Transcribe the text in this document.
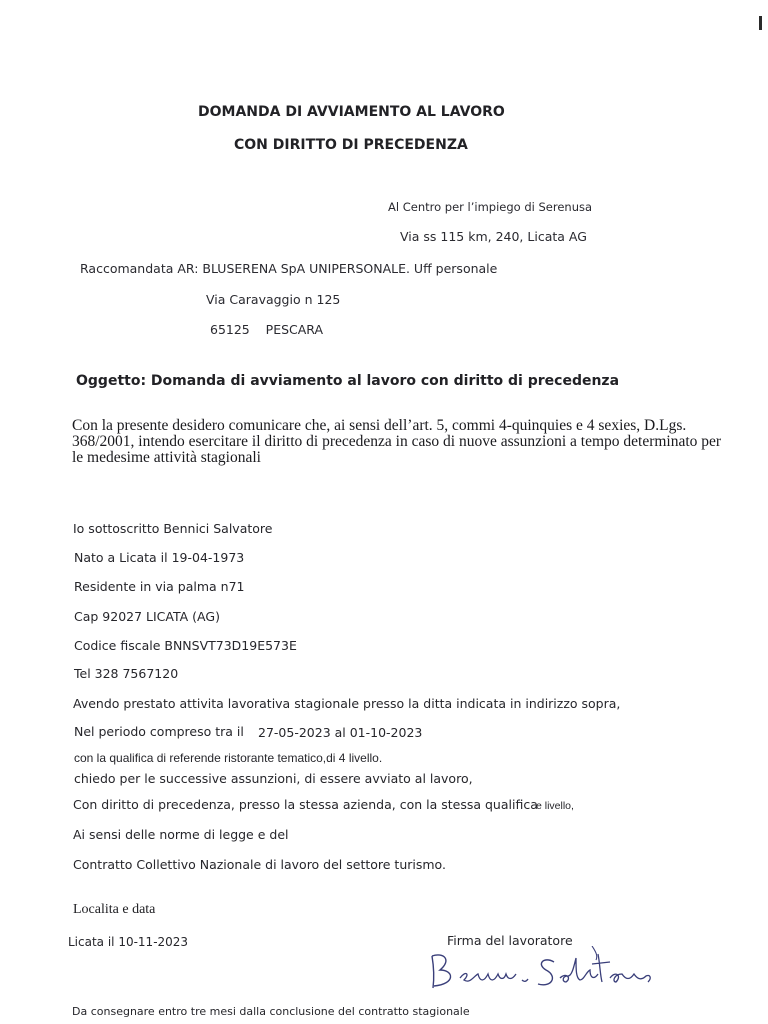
DOMANDA DI AVVIAMENTO AL LAVORO

CON DIRITTO DI PRECEDENZA

Al Centro per l’impiego di Serenusa

Via ss 115 km, 240, Licata AG

Raccomandata AR: BLUSERENA SpA UNIPERSONALE. Uff personale

Via Caravaggio n 125

65125    PESCARA

Oggetto: Domanda di avviamento al lavoro con diritto di precedenza

Con la presente desidero comunicare che, ai sensi dell’art. 5, commi 4-quinquies e 4 sexies, D.Lgs. 368/2001, intendo esercitare il diritto di precedenza in caso di nuove assunzioni a tempo determinato per le medesime attività stagionali

Io sottoscritto Bennici Salvatore

Nato a Licata il 19-04-1973

Residente in via palma n71

Cap 92027 LICATA (AG)

Codice fiscale BNNSVT73D19E573E

Tel 328 7567120

Avendo prestato attivita lavorativa stagionale presso la ditta indicata in indirizzo sopra,

Nel periodo compreso tra il 27-05-2023 al 01-10-2023

con la qualifica di referende ristorante tematico,di 4 livello.

chiedo per le successive assunzioni, di essere avviato al lavoro,

Con diritto di precedenza, presso la stessa azienda, con la stessa qualifica

e livello,

Ai sensi delle norme di legge e del

Contratto Collettivo Nazionale di lavoro del settore turismo.

Localita e data

Licata il 10-11-2023	Firma del lavoratore

Da consegnare entro tre mesi dalla conclusione del contratto stagionale
